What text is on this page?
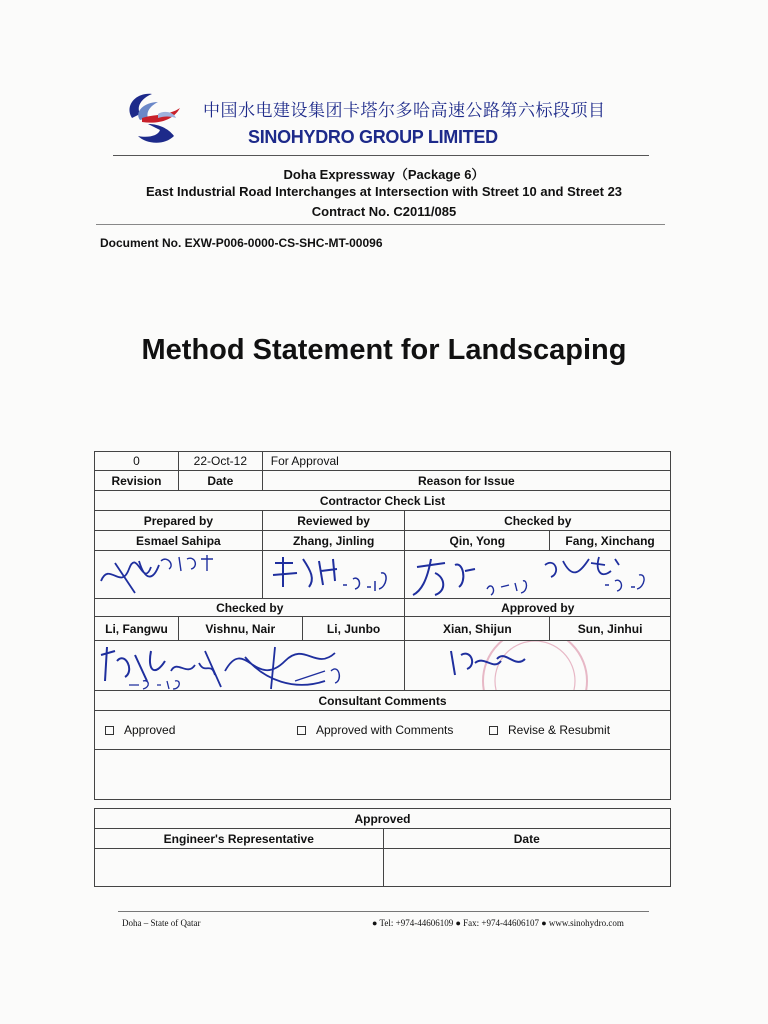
中国水电建设集团卡塔尔多哈高速公路第六标段项目
SINOHYDRO GROUP LIMITED
Doha Expressway（Package 6）
East Industrial Road Interchanges at Intersection with Street 10 and Street 23
Contract No. C2011/085
Document No. EXW-P006-0000-CS-SHC-MT-00096
Method Statement for Landscaping
0	22-Oct-12	For Approval			
Revision	Date	Reason for Issue			
Contractor Check List					
Prepared by		Reviewed by		Checked by	
Esmael Sahipa		Zhang, Jinling		Qin, Yong	Fang, Xinchang

Checked by				Approved by	
Li, Fangwu	Vishnu, Nair		Li, Junbo	Xian, Shijun	Sun, Jinhui

Consultant Comments

Approved	Approved with Comments	Revise & Resubmit

Approved	
Engineer's Representative	Date

Doha – State of Qatar	● Tel: +974-44606109 ● Fax: +974-44606107 ● www.sinohydro.com
